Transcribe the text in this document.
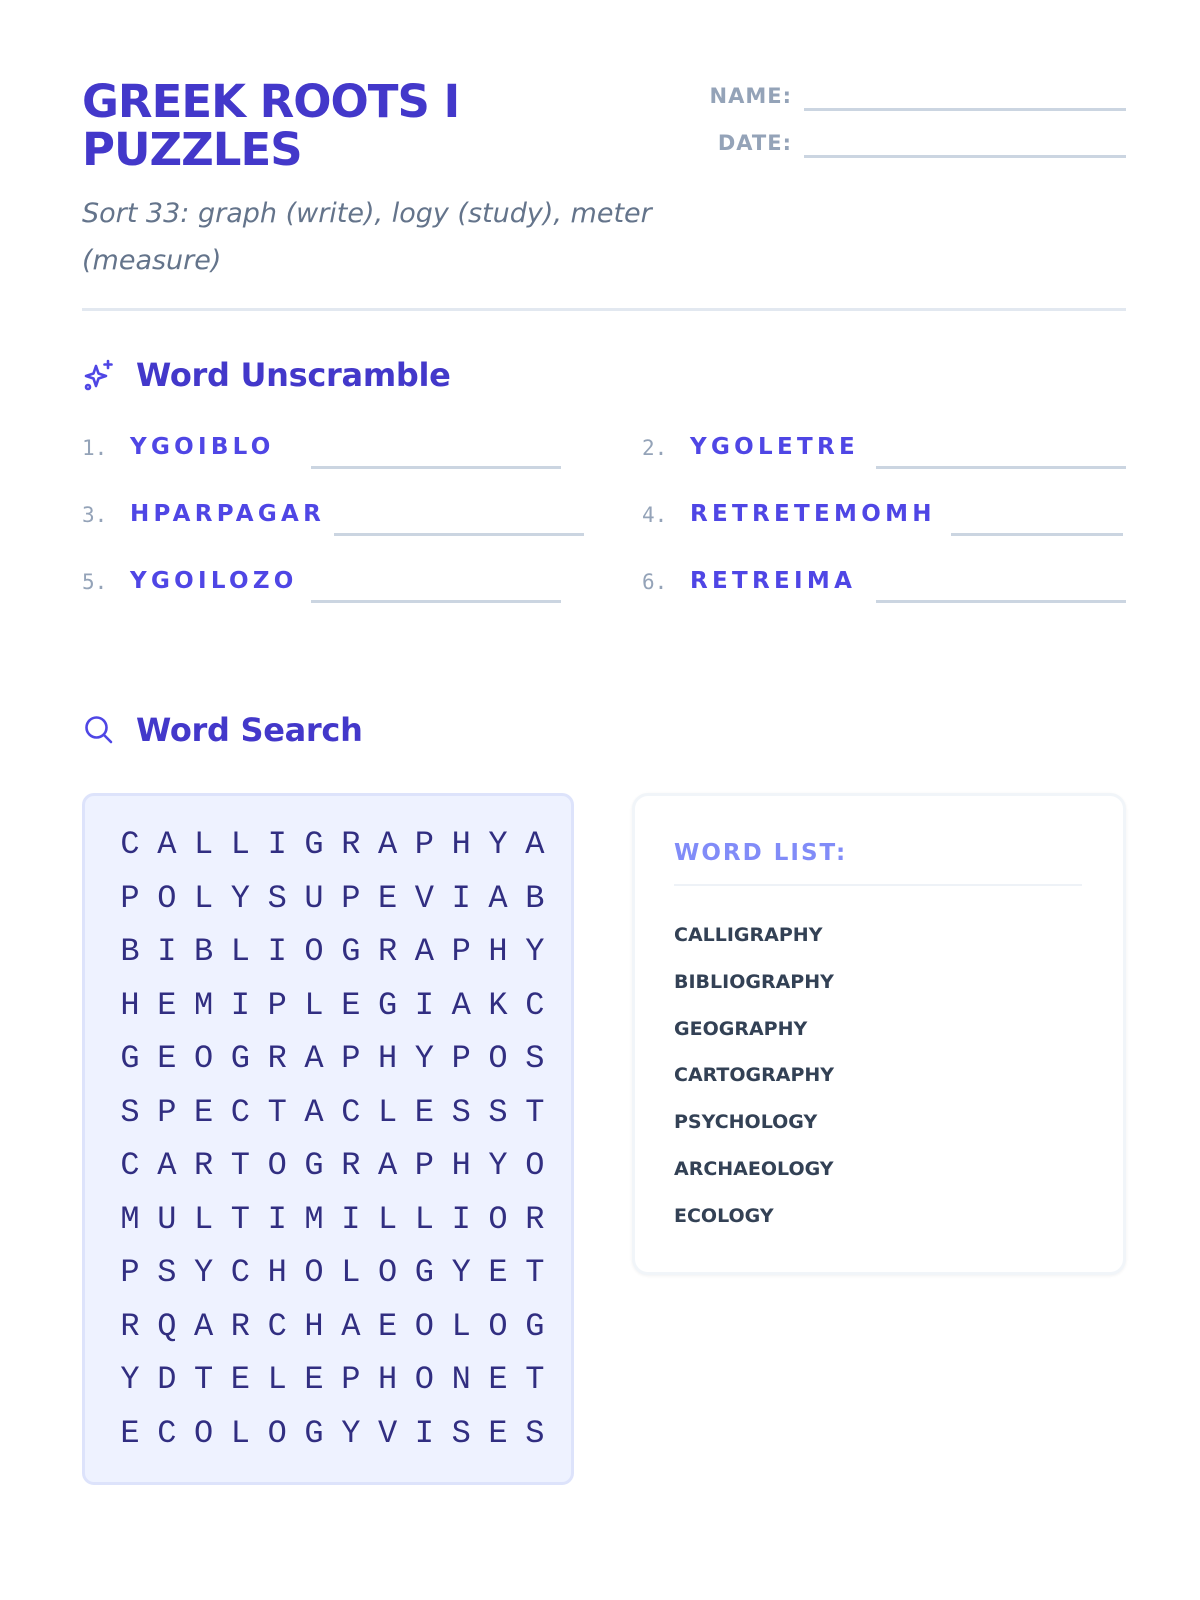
GREEK ROOTS I PUZZLES
Sort 33: graph (write), logy (study), meter (measure)
NAME:
DATE:
Word Unscramble
1. YGOIBLO	2. YGOLETRE
3. HPARPAGAR	4. RETRETEMOMH
5. YGOILOZO	6. RETREIMA
Word Search
C A L L I G R A P H Y A
P O L Y S U P E V I A B
B I B L I O G R A P H Y
H E M I P L E G I A K C
G E O G R A P H Y P O S
S P E C T A C L E S S T
C A R T O G R A P H Y O
M U L T I M I L L I O R
P S Y C H O L O G Y E T
R Q A R C H A E O L O G
Y D T E L E P H O N E T
E C O L O G Y V I S E S
WORD LIST:
CALLIGRAPHY
BIBLIOGRAPHY
GEOGRAPHY
CARTOGRAPHY
PSYCHOLOGY
ARCHAEOLOGY
ECOLOGY
